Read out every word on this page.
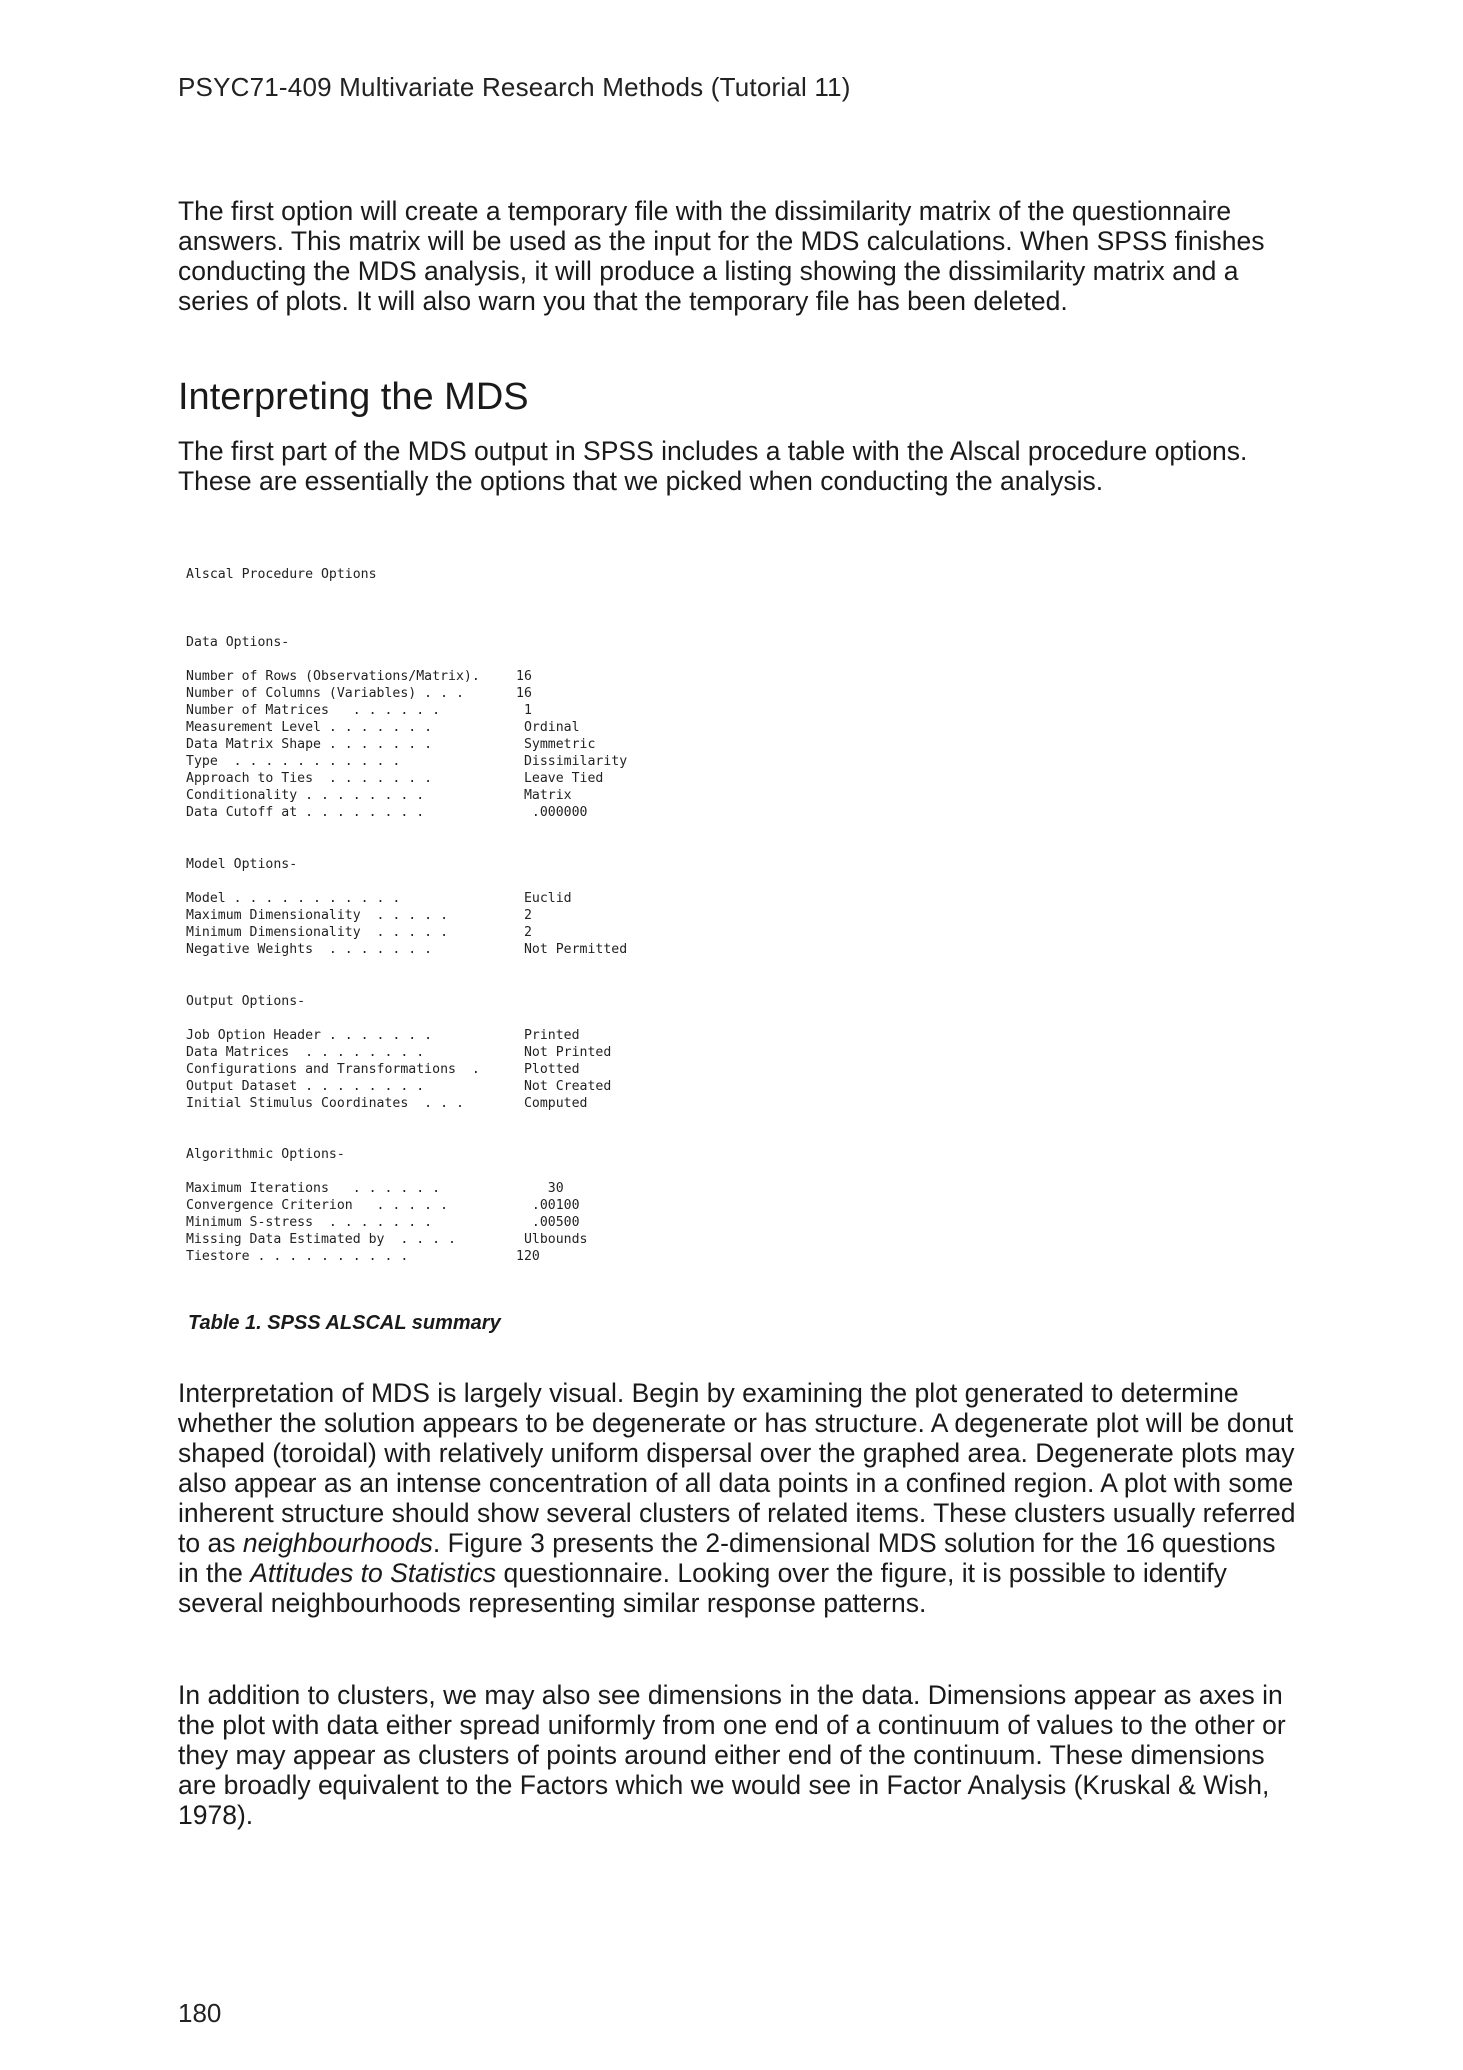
PSYC71-409 Multivariate Research Methods (Tutorial 11)

The first option will create a temporary file with the dissimilarity matrix of the questionnaire answers. This matrix will be used as the input for the MDS calculations. When SPSS finishes conducting the MDS analysis, it will produce a listing showing the dissimilarity matrix and a series of plots. It will also warn you that the temporary file has been deleted.

Interpreting the MDS

The first part of the MDS output in SPSS includes a table with the Alscal procedure options. These are essentially the options that we picked when conducting the analysis.

Alscal Procedure Options
Data Options-
Number of Rows (Observations/Matrix).	16
Number of Columns (Variables) . . .	16
Number of Matrices   . . . . . .	1
Measurement Level . . . . . . .	Ordinal
Data Matrix Shape . . . . . . .	Symmetric
Type  . . . . . . . . . . .	Dissimilarity
Approach to Ties  . . . . . . .	Leave Tied
Conditionality . . . . . . . .	Matrix
Data Cutoff at . . . . . . . .	.000000
Model Options-
Model . . . . . . . . . . .	Euclid
Maximum Dimensionality  . . . . .	2
Minimum Dimensionality  . . . . .	2
Negative Weights  . . . . . . .	Not Permitted
Output Options-
Job Option Header . . . . . . .	Printed
Data Matrices  . . . . . . . .	Not Printed
Configurations and Transformations  .	Plotted
Output Dataset . . . . . . . .	Not Created
Initial Stimulus Coordinates  . . .	Computed
Algorithmic Options-
Maximum Iterations   . . . . . .	30
Convergence Criterion   . . . . .	.00100
Minimum S-stress  . . . . . . .	.00500
Missing Data Estimated by  . . . .	Ulbounds
Tiestore . . . . . . . . . .	120
Table 1. SPSS ALSCAL summary

Interpretation of MDS is largely visual. Begin by examining the plot generated to determine whether the solution appears to be degenerate or has structure. A degenerate plot will be donut shaped (toroidal) with relatively uniform dispersal over the graphed area. Degenerate plots may also appear as an intense concentration of all data points in a confined region. A plot with some inherent structure should show several clusters of related items. These clusters usually referred to as neighbourhoods. Figure 3 presents the 2-dimensional MDS solution for the 16 questions in the Attitudes to Statistics questionnaire. Looking over the figure, it is possible to identify several neighbourhoods representing similar response patterns.

In addition to clusters, we may also see dimensions in the data. Dimensions appear as axes in the plot with data either spread uniformly from one end of a continuum of values to the other or they may appear as clusters of points around either end of the continuum. These dimensions are broadly equivalent to the Factors which we would see in Factor Analysis (Kruskal & Wish, 1978).

180
